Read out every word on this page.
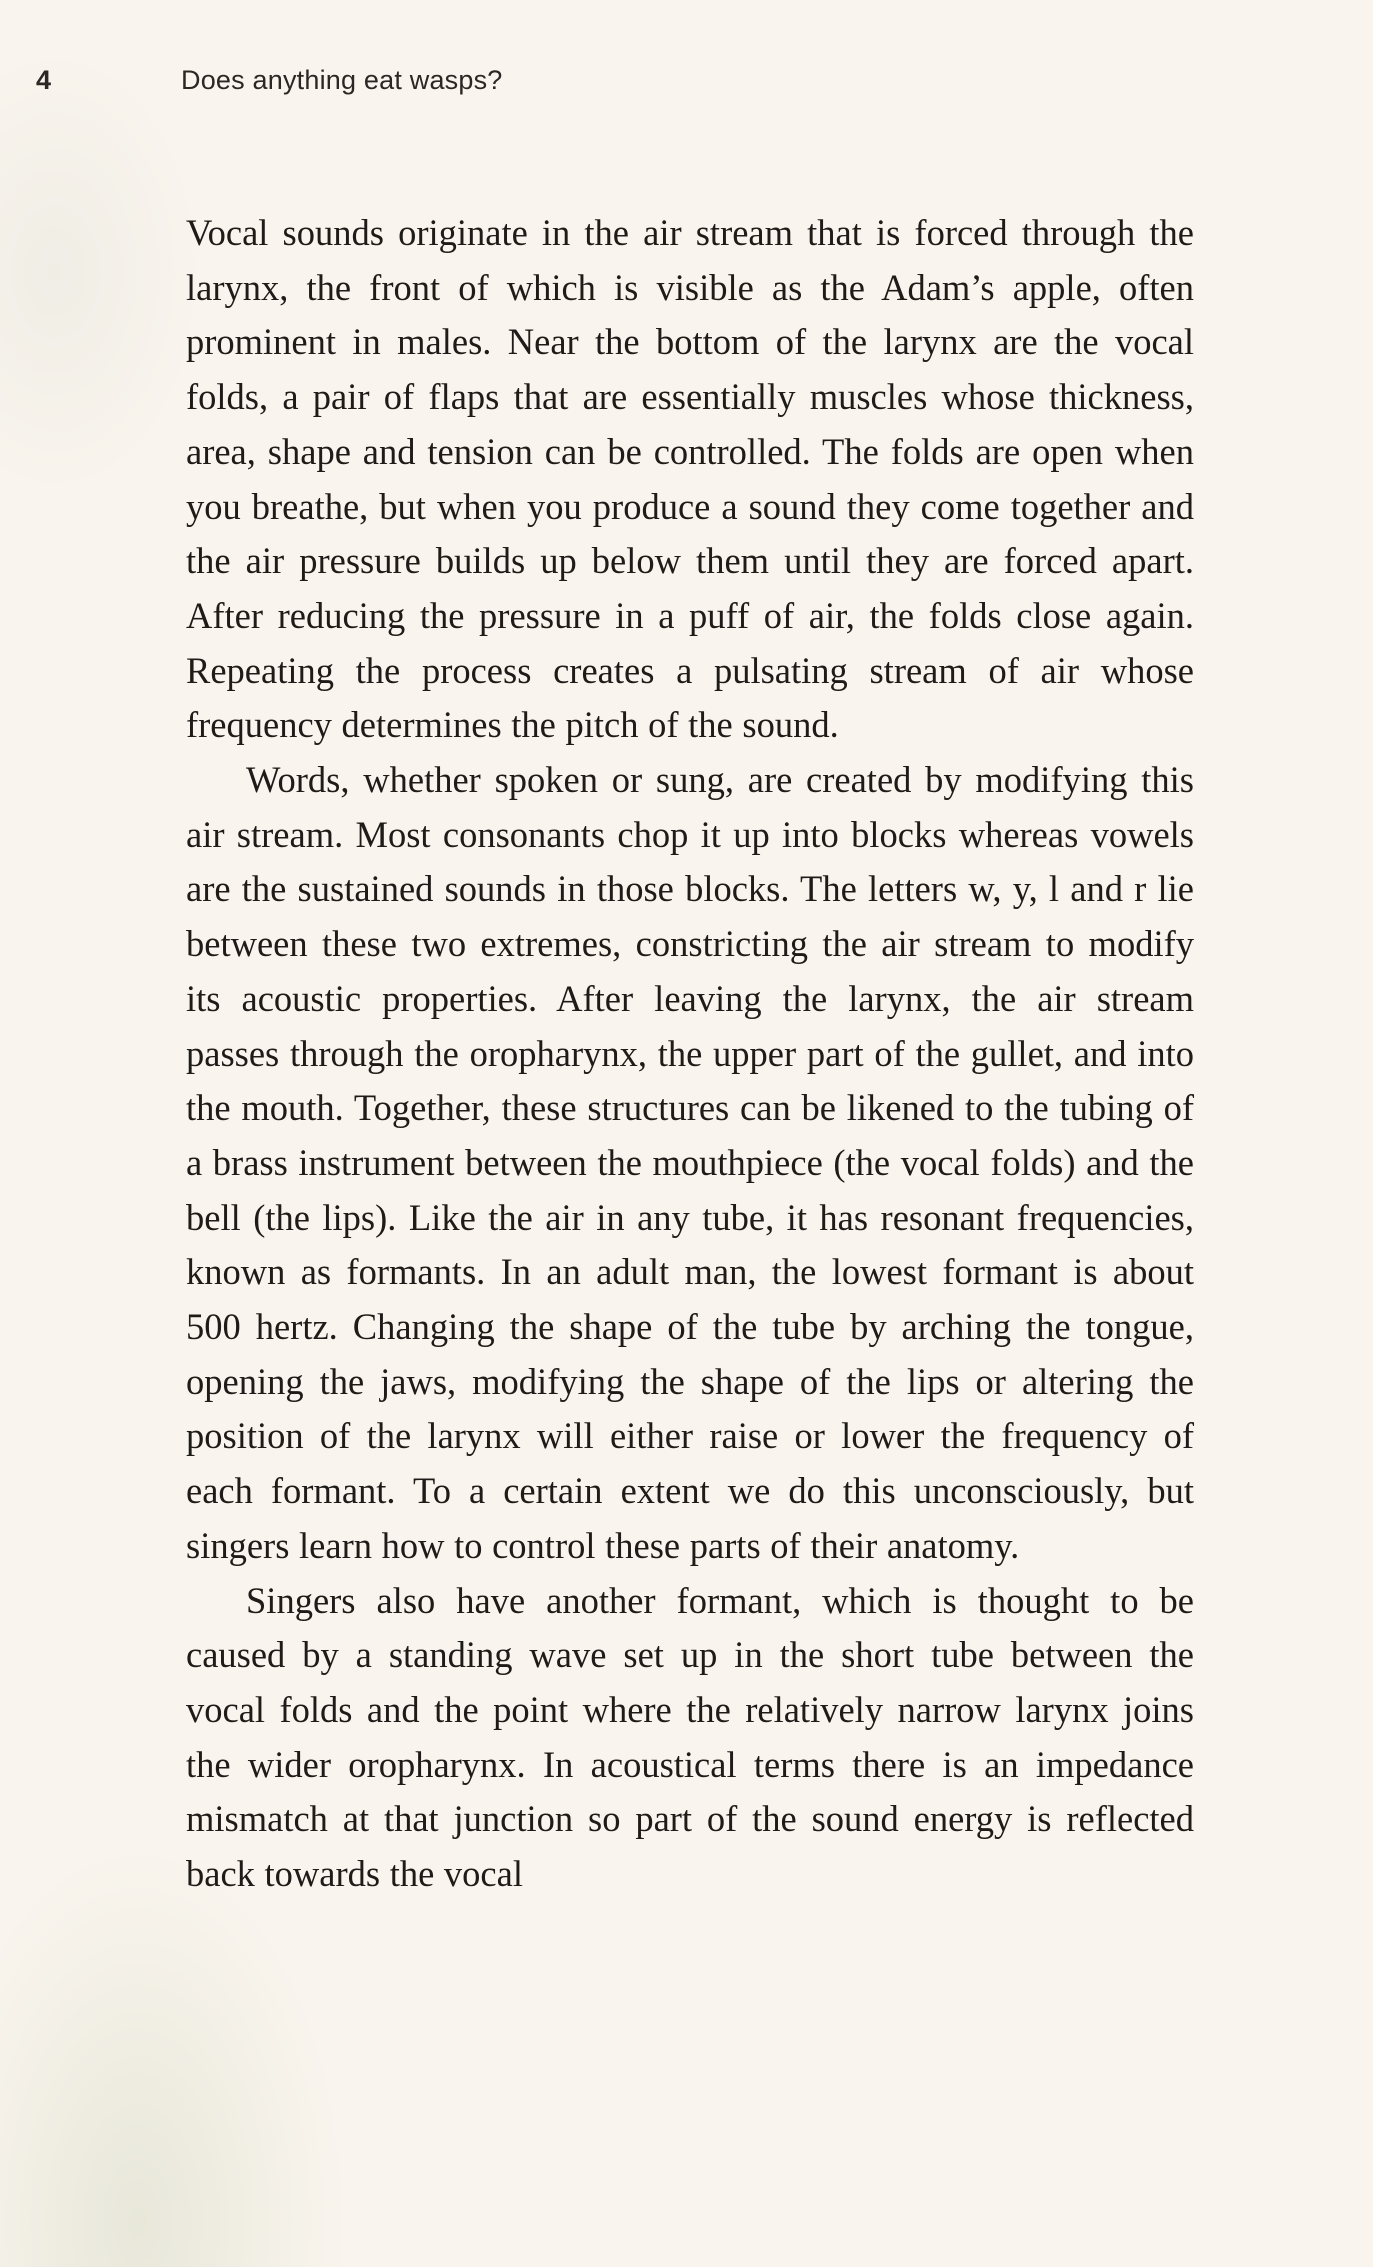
4	Does anything eat wasps?

Vocal sounds originate in the air stream that is forced through the larynx, the front of which is visible as the Adam’s apple, often prominent in males. Near the bottom of the larynx are the vocal folds, a pair of flaps that are essentially muscles whose thickness, area, shape and tension can be controlled. The folds are open when you breathe, but when you produce a sound they come together and the air pressure builds up below them until they are forced apart. After reducing the pressure in a puff of air, the folds close again. Repeating the process creates a pulsating stream of air whose frequency determines the pitch of the sound.

Words, whether spoken or sung, are created by modifying this air stream. Most consonants chop it up into blocks whereas vowels are the sustained sounds in those blocks. The letters w, y, l and r lie between these two extremes, constricting the air stream to modify its acoustic properties. After leaving the larynx, the air stream passes through the oropharynx, the upper part of the gullet, and into the mouth. Together, these structures can be likened to the tubing of a brass instrument between the mouthpiece (the vocal folds) and the bell (the lips). Like the air in any tube, it has resonant frequencies, known as formants. In an adult man, the lowest formant is about 500 hertz. Changing the shape of the tube by arching the tongue, opening the jaws, modifying the shape of the lips or altering the position of the larynx will either raise or lower the frequency of each formant. To a certain extent we do this unconsciously, but singers learn how to control these parts of their anatomy.

Singers also have another formant, which is thought to be caused by a standing wave set up in the short tube between the vocal folds and the point where the relatively narrow larynx joins the wider oropharynx. In acoustical terms there is an impedance mismatch at that junction so part of the sound energy is reflected back towards the vocal
